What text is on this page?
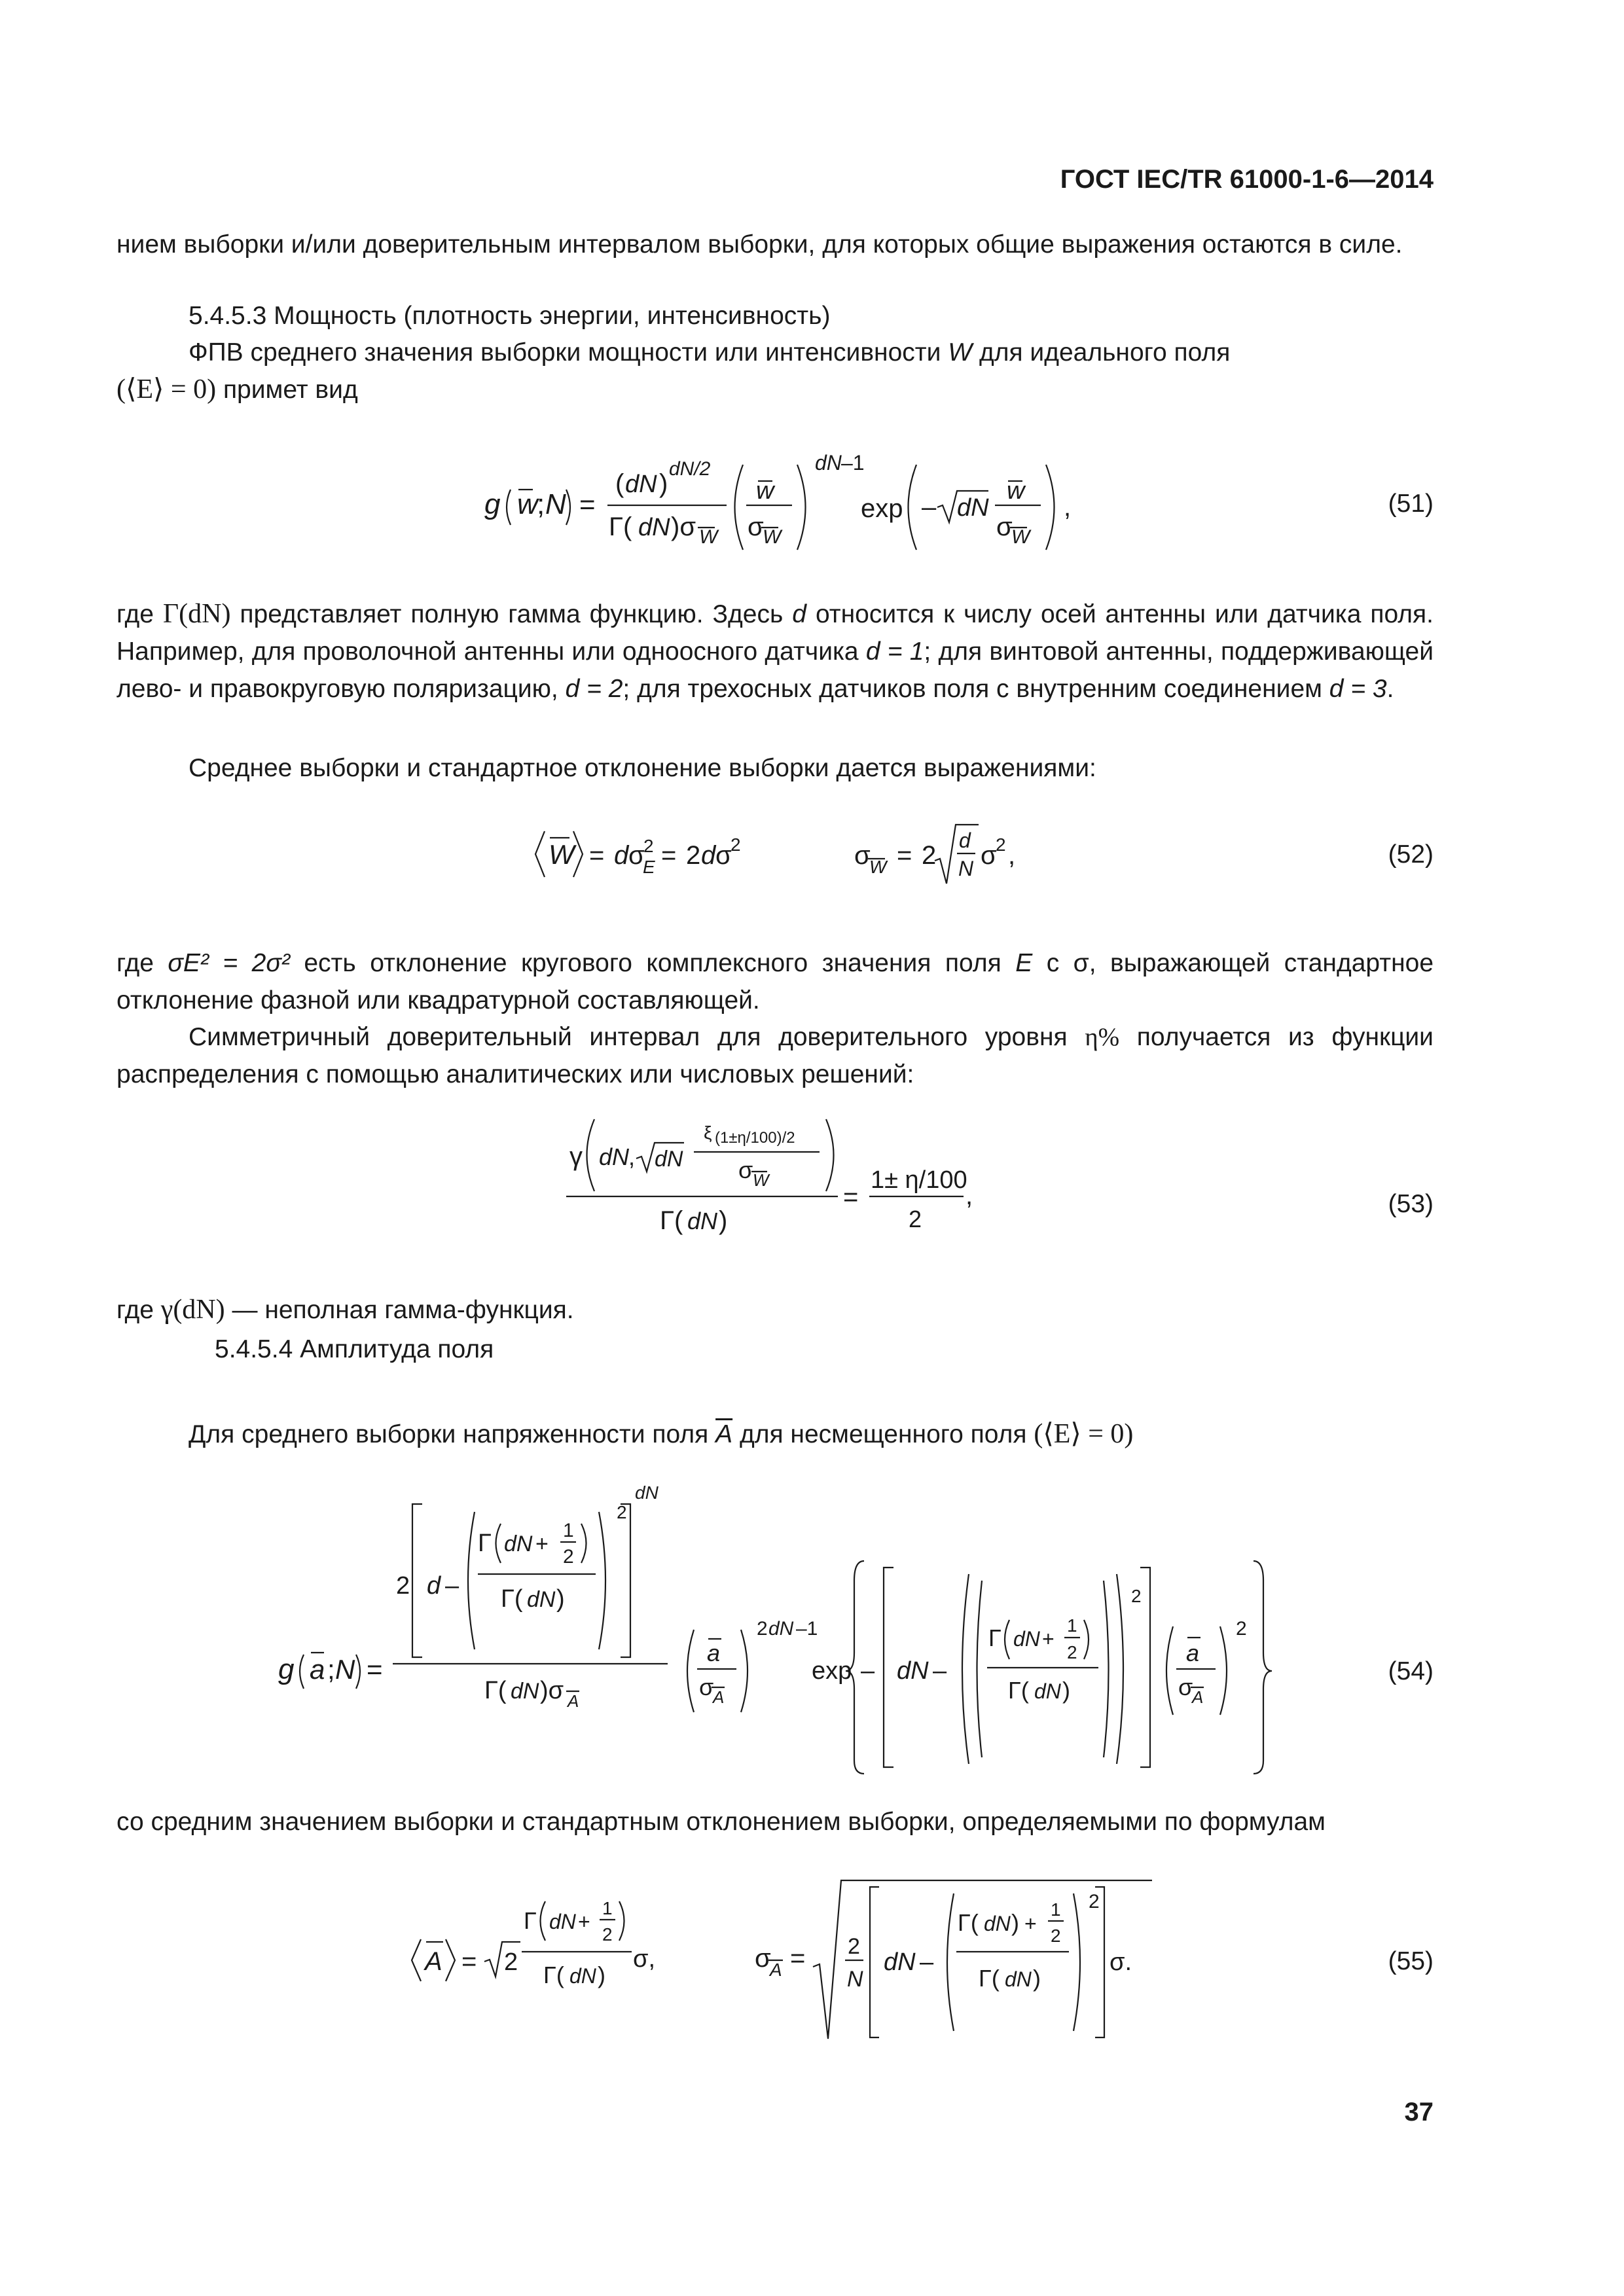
ГОСТ IEC/TR 61000-1-6—2014
нием выборки и/или доверительным интервалом выборки, для которых общие выражения остаются в силе.
5.4.5.3 Мощность (плотность энергии, интенсивность)
ФПВ среднего значения выборки мощности или интенсивности W для идеального поля
(⟨E⟩ = 0) примет вид
g w
; N =
( dN )
dN/2
Γ( dN )σ W
w
σ
W
dN –1
exp – dN
w
σ
W
,	(51)
где Γ(dN) представляет полную гамма функцию. Здесь d относится к числу осей антенны или датчика поля. Например, для проволочной антенны или одноосного датчика d = 1; для винтовой антенны, поддерживающей лево- и правокруговую поляризацию, d = 2; для трехосных датчиков поля с внутренним соединением d = 3.
Среднее выборки и стандартное отклонение выборки дается выражениями:
W = d σ
2
E = 2 d σ
2	σ
W = 2
d
N σ
2 ,	(52)
где σE² = 2σ² есть отклонение кругового комплексного значения поля E с σ, выражающей стандартное отклонение фазной или квадратурной составляющей.
Симметричный доверительный интервал для доверительного уровня η% получается из функции распределения с помощью аналитических или числовых решений:
γ dN
, dN
ξ (1±η/100)/2
σ W
Γ( dN )
=
1± η/100
2
,	(53)
где γ(dN) — неполная гамма-функция.
5.4.5.4 Амплитуда поля
Для среднего выборки напряженности поля $\overline{A}$ для несмещенного поля (⟨E⟩ = 0)
g a ; N =
2 d –
Γ dN +
1
2
Γ( dN )
2
dN
Γ( dN )σ A
a
σ
A
2 dN –1
exp – dN –
Γ dN +
1
2
Γ( dN )
2
a
σ
A
2
(54)
со средним значением выборки и стандартным отклонением выборки, определяемыми по формулам
A = 2
Γ dN +
1
2
Γ( dN )
σ,	σ
A = 2
N
dN –
Γ( dN ) +
1
2
Γ( dN )
2
σ.	(55)
37
